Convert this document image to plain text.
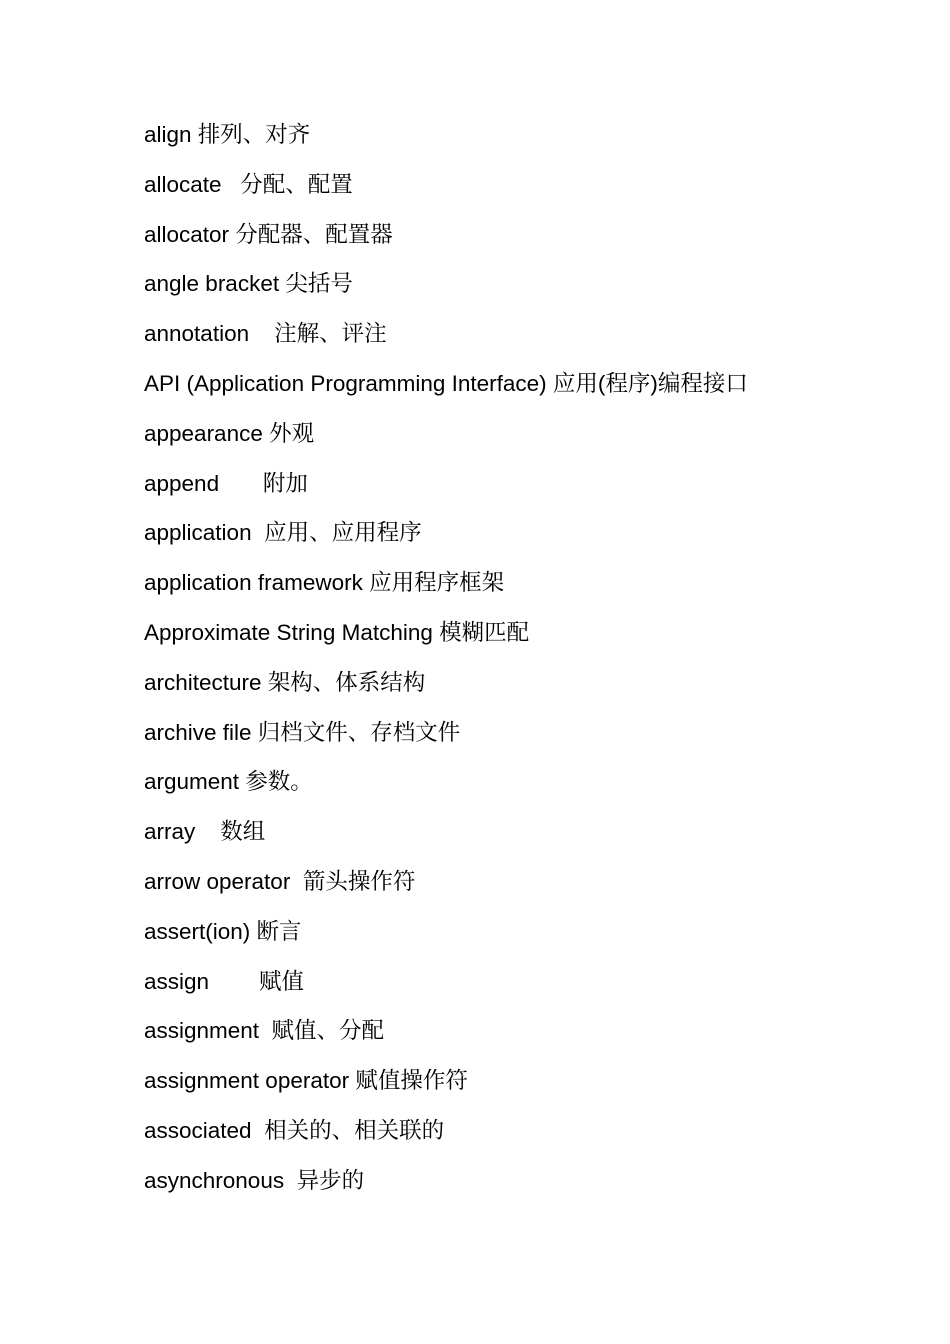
align 排列、对齐
allocate   分配、配置
allocator 分配器、配置器
angle bracket 尖括号
annotation    注解、评注
API (Application Programming Interface) 应用(程序)编程接口
appearance 外观
append       附加
application  应用、应用程序
application framework 应用程序框架
Approximate String Matching 模糊匹配
architecture 架构、体系结构
archive file 归档文件、存档文件
argument 参数。
array    数组
arrow operator  箭头操作符
assert(ion) 断言
assign        赋值
assignment  赋值、分配
assignment operator 赋值操作符
associated  相关的、相关联的
asynchronous  异步的
